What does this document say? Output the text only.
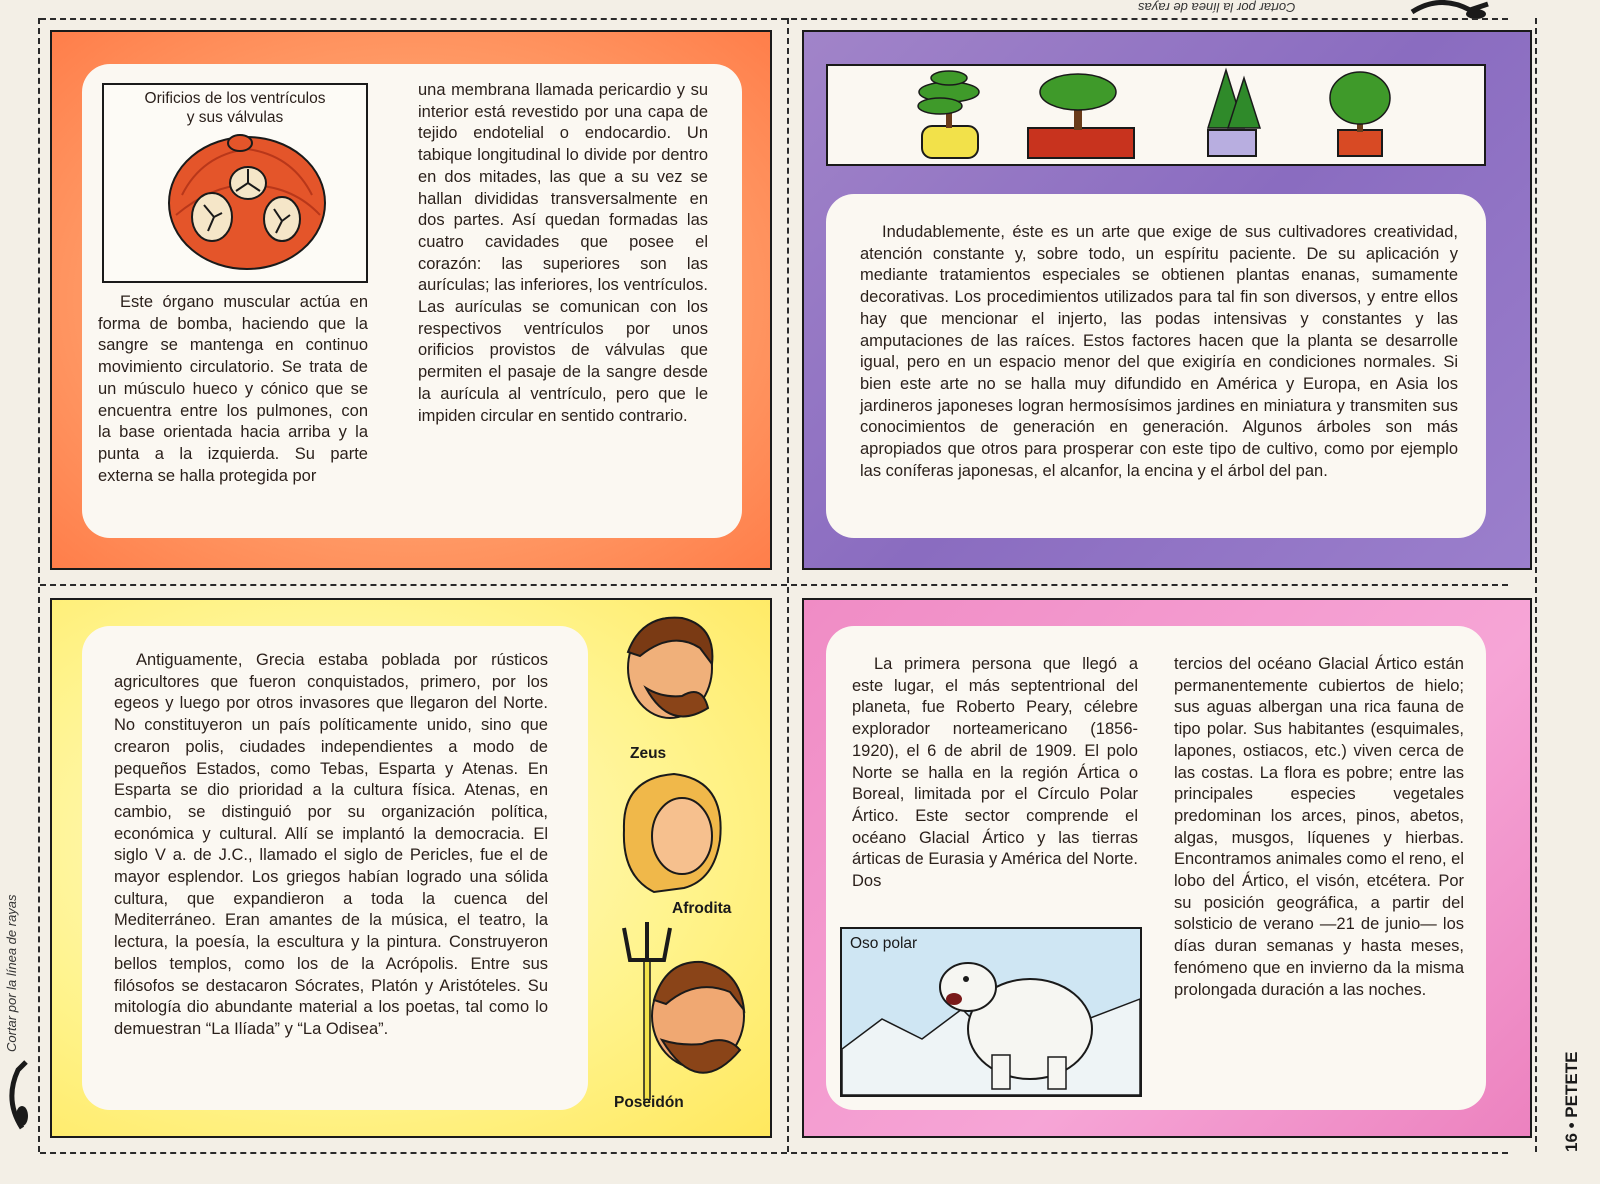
Cortar por la línea de rayas
Cortar por la línea de rayas
16 • PETETE
Orificios de los ventrículos y sus válvulas

Este órgano muscular actúa en forma de bomba, haciendo que la sangre se mantenga en continuo movimiento circulatorio. Se trata de un músculo hueco y cónico que se encuentra entre los pulmones, con la base orientada hacia arriba y la punta a la izquierda. Su parte externa se halla protegida por

una membrana llamada pericardio y su interior está revestido por una capa de tejido endotelial o endocardio. Un tabique longitudinal lo divide por dentro en dos mitades, las que a su vez se hallan divididas transversalmente en dos partes. Así quedan formadas las cuatro cavidades que posee el corazón: las superiores son las aurículas; las inferiores, los ventrículos. Las aurículas se comunican con los respectivos ventrículos por unos orificios provistos de válvulas que permiten el pasaje de la sangre desde la aurícula al ventrículo, pero que le impiden circular en sentido contrario.

Indudablemente, éste es un arte que exige de sus cultivadores creatividad, atención constante y, sobre todo, un espíritu paciente. De su aplicación y mediante tratamientos especiales se obtienen plantas enanas, sumamente decorativas. Los procedimientos utilizados para tal fin son diversos, y entre ellos hay que mencionar el injerto, las podas intensivas y constantes y las amputaciones de las raíces. Estos factores hacen que la planta se desarrolle igual, pero en un espacio menor del que exigiría en condiciones normales. Si bien este arte no se halla muy difundido en América y Europa, en Asia los jardineros japoneses logran hermosísimos jardines en miniatura y transmiten sus conocimientos de generación en generación. Algunos árboles son más apropiados que otros para prosperar con este tipo de cultivo, como por ejemplo las coníferas japonesas, el alcanfor, la encina y el árbol del pan.

Antiguamente, Grecia estaba poblada por rústicos agricultores que fueron conquistados, primero, por los egeos y luego por otros invasores que llegaron del Norte. No constituyeron un país políticamente unido, sino que crearon polis, ciudades independientes a modo de pequeños Estados, como Tebas, Esparta y Atenas. En Esparta se dio prioridad a la cultura física. Atenas, en cambio, se distinguió por su organización política, económica y cultural. Allí se implantó la democracia. El siglo V a. de J.C., llamado el siglo de Pericles, fue el de mayor esplendor. Los griegos habían logrado una sólida cultura, que expandieron a toda la cuenca del Mediterráneo. Eran amantes de la música, el teatro, la lectura, la poesía, la escultura y la pintura. Construyeron bellos templos, como los de la Acrópolis. Entre sus filósofos se destacaron Sócrates, Platón y Aristóteles. Su mitología dio abundante material a los poetas, tal como lo demuestran “La Ilíada” y “La Odisea”.

Zeus
Afrodita
Poseidón

La primera persona que llegó a este lugar, el más septentrional del planeta, fue Roberto Peary, célebre explorador norteamericano (1856-1920), el 6 de abril de 1909. El polo Norte se halla en la región Ártica o Boreal, limitada por el Círculo Polar Ártico. Este sector comprende el océano Glacial Ártico y las tierras árticas de Eurasia y América del Norte. Dos

tercios del océano Glacial Ártico están permanentemente cubiertos de hielo; sus aguas albergan una rica fauna de tipo polar. Sus habitantes (esquimales, lapones, ostiacos, etc.) viven cerca de las costas. La flora es pobre; entre las principales especies vegetales predominan los arces, pinos, abetos, algas, musgos, líquenes y hierbas. Encontramos animales como el reno, el lobo del Ártico, el visón, etcétera. Por su posición geográfica, a partir del solsticio de verano —21 de junio— los días duran semanas y hasta meses, fenómeno que en invierno da la misma prolongada duración a las noches.

Oso polar
